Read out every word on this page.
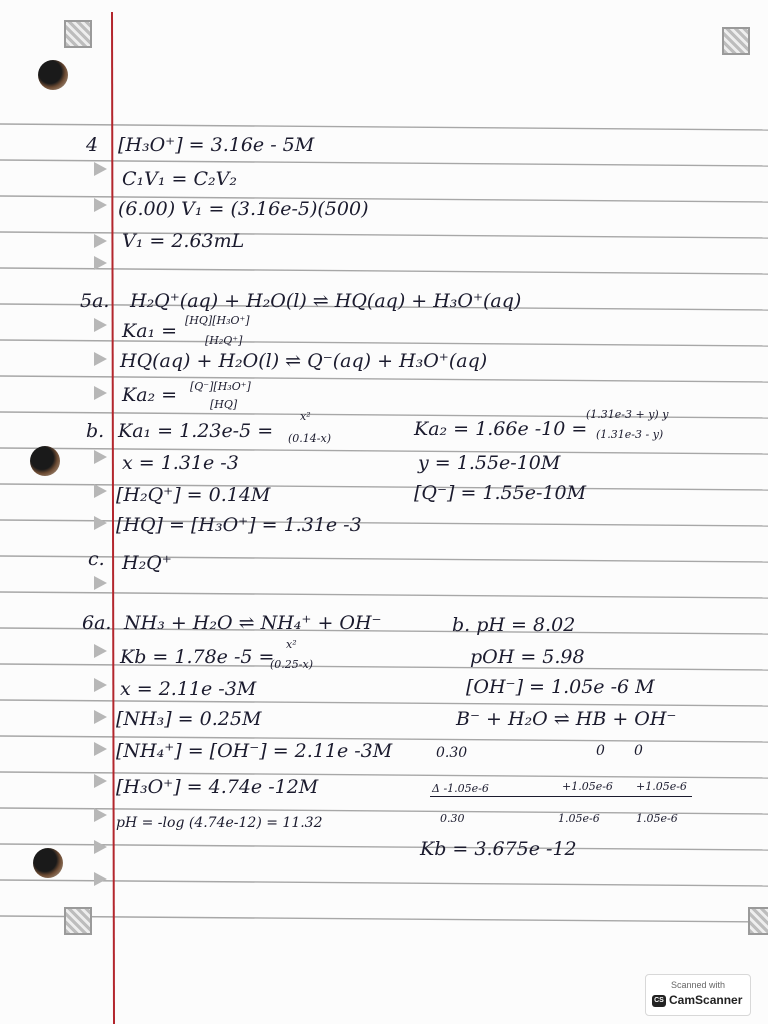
4 [H₃O⁺] = 3.16e - 5M
C₁V₁ = C₂V₂
(6.00) V₁ = (3.16e-5)(500)
V₁ = 2.63mL
5a. H₂Q⁺(aq) + H₂O(l) ⇌ HQ(aq) + H₃O⁺(aq)
Ka₁ = [HQ][H₃O⁺]
[H₂Q⁺]
HQ(aq) + H₂O(l) ⇌ Q⁻(aq) + H₃O⁺(aq)
Ka₂ = [Q⁻][H₃O⁺]
[HQ]
b. Ka₁ = 1.23e-5 =
x²
(0.14-x)
x = 1.31e -3
[H₂Q⁺] = 0.14M
[HQ] = [H₃O⁺] = 1.31e -3
Ka₂ = 1.66e -10 =
(1.31e-3 + y) y
(1.31e-3 - y)
y = 1.55e-10M
[Q⁻] = 1.55e-10M
c. H₂Q⁺
6a. NH₃ + H₂O ⇌ NH₄⁺ + OH⁻
Kb = 1.78e -5 =
x²
(0.25-x)
x = 2.11e -3M
[NH₃] = 0.25M
[NH₄⁺] = [OH⁻] = 2.11e -3M
[H₃O⁺] = 4.74e -12M
pH = -log (4.74e-12) = 11.32
b. pH = 8.02
pOH = 5.98
[OH⁻] = 1.05e -6 M
B⁻ + H₂O ⇌ HB + OH⁻
0.30	0 0
Δ -1.05e-6	+1.05e-6 +1.05e-6
0.30	1.05e-6	1.05e-6
Kb = 3.675e -12
Scanned with
CS CamScanner
